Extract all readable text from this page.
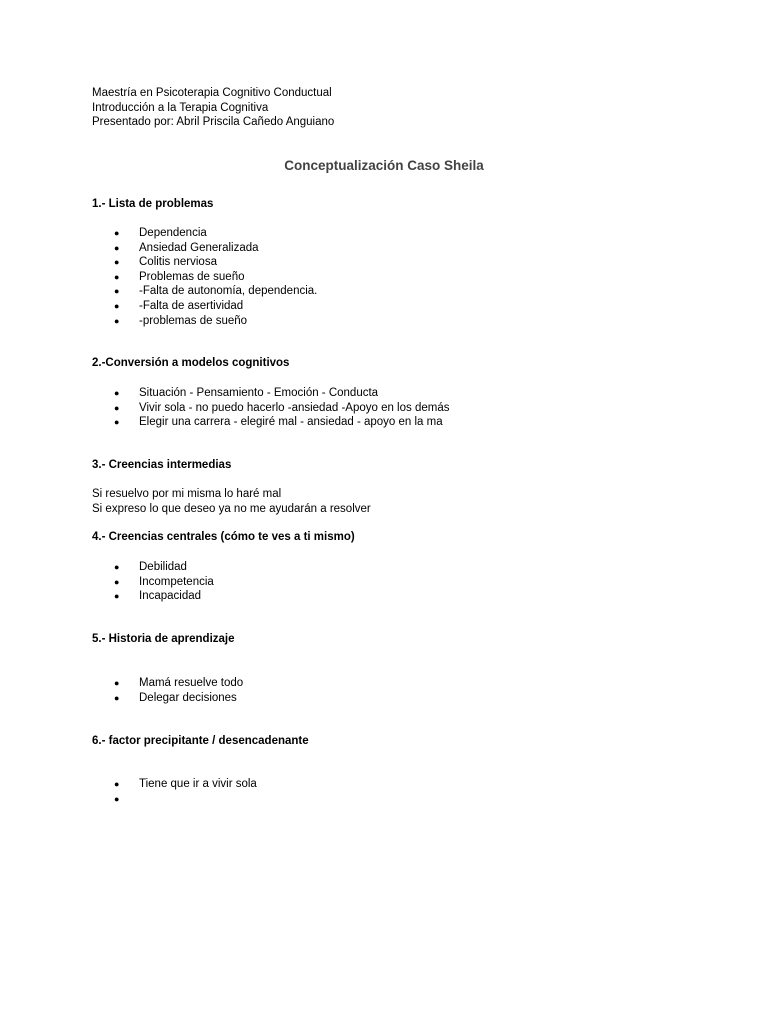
Maestría en Psicoterapia Cognitivo Conductual
Introducción a la Terapia Cognitiva
Presentado por: Abril Priscila Cañedo Anguiano
Conceptualización Caso Sheila
1.- Lista de problemas
● Dependencia
● Ansiedad Generalizada
● Colitis nerviosa
● Problemas de sueño
● -Falta de autonomía, dependencia.
● -Falta de asertividad
● -problemas de sueño
2.-Conversión a modelos cognitivos
● Situación - Pensamiento - Emoción - Conducta
● Vivir sola - no puedo hacerlo -ansiedad -Apoyo en los demás
● Elegir una carrera - elegiré mal - ansiedad - apoyo en la ma
3.- Creencias intermedias
Si resuelvo por mi misma lo haré mal
Si expreso lo que deseo ya no me ayudarán a resolver
4.- Creencias centrales (cómo te ves a ti mismo)
● Debilidad
● Incompetencia
● Incapacidad
5.- Historia de aprendizaje
● Mamá resuelve todo
● Delegar decisiones
6.- factor precipitante / desencadenante
● Tiene que ir a vivir sola
●
